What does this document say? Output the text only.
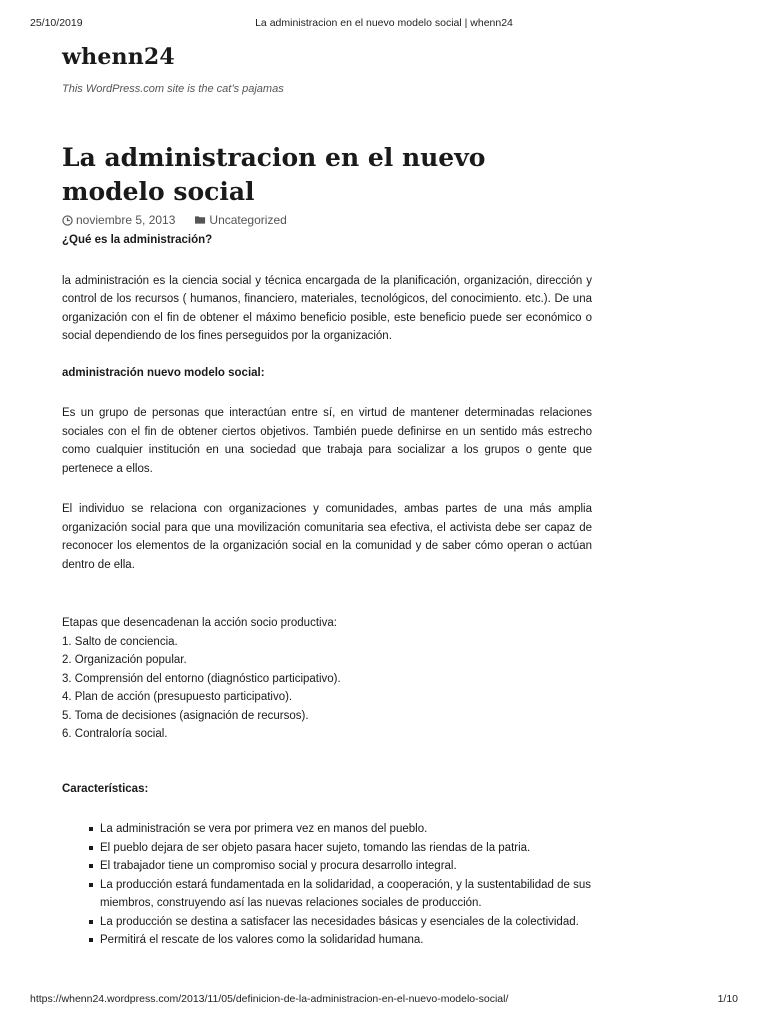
25/10/2019	La administracion en el nuevo modelo social | whenn24
whenn24
This WordPress.com site is the cat’s pajamas
La administracion en el nuevo modelo social
noviembre 5, 2013	Uncategorized

¿Qué es la administración?

la administración es la ciencia social y técnica encargada de la planificación, organización, dirección y control de los recursos ( humanos, financiero, materiales, tecnológicos, del conocimiento. etc.). De una organización con el fin de obtener el máximo beneficio posible, este beneficio puede ser económico o social dependiendo de los fines perseguidos por la organización.

administración nuevo modelo social:

Es un grupo de personas que interactúan entre sí, en virtud de mantener determinadas relaciones sociales con el fin de obtener ciertos objetivos. También puede definirse en un sentido más estrecho como cualquier institución en una sociedad que trabaja para socializar a los grupos o gente que pertenece a ellos.

El individuo se relaciona con organizaciones y comunidades, ambas partes de una más amplia organización social para que una movilización comunitaria sea efectiva, el activista debe ser capaz de reconocer los elementos de la organización social en la comunidad y de saber cómo operan o actúan dentro de ella.

Etapas que desencadenan la acción socio productiva:

1. Salto de conciencia.
2. Organización popular.
3. Comprensión del entorno (diagnóstico participativo).
4. Plan de acción (presupuesto participativo).
5. Toma de decisiones (asignación de recursos).
6. Contraloría social.

Características:

La administración se vera por primera vez en manos del pueblo.
El pueblo dejara de ser objeto pasara hacer sujeto, tomando las riendas de la patria.
El trabajador tiene un compromiso social y procura desarrollo integral.
La producción estará fundamentada en la solidaridad, a cooperación, y la sustentabilidad de sus miembros, construyendo así las nuevas relaciones sociales de producción.
La producción se destina a satisfacer las necesidades básicas y esenciales de la colectividad.
Permitirá el rescate de los valores como la solidaridad humana.
https://whenn24.wordpress.com/2013/11/05/definicion-de-la-administracion-en-el-nuevo-modelo-social/	1/10
